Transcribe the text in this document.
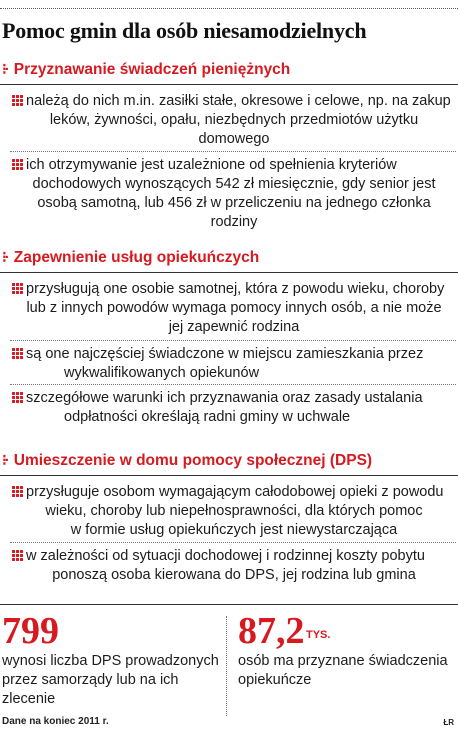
Pomoc gmin dla osób niesamodzielnych
⁝· Przyznawanie świadczeń pieniężnych
należą do nich m.in. zasiłki stałe, okresowe i celowe, np. na zakup
leków, żywności, opału, niezbędnych przedmiotów użytku
domowego
ich otrzymywanie jest uzależnione od spełnienia kryteriów
dochodowych wynoszących 542 zł miesięcznie, gdy senior jest
osobą samotną, lub 456 zł w przeliczeniu na jednego członka
rodziny
⁝· Zapewnienie usług opiekuńczych
przysługują one osobie samotnej, która z powodu wieku, choroby
lub z innych powodów wymaga pomocy innych osób, a nie może
jej zapewnić rodzina
są one najczęściej świadczone w miejscu zamieszkania przez
wykwalifikowanych opiekunów
szczegółowe warunki ich przyznawania oraz zasady ustalania
odpłatności określają radni gminy w uchwale
⁝· Umieszczenie w domu pomocy społecznej (DPS)
przysługuje osobom wymagającym całodobowej opieki z powodu
wieku, choroby lub niepełnosprawności, dla których pomoc
w formie usług opiekuńczych jest niewystarczająca
w zależności od sytuacji dochodowej i rodzinnej koszty pobytu
ponoszą osoba kierowana do DPS, jej rodzina lub gmina
799
wynosi liczba DPS prowadzonych
przez samorządy lub na ich
zlecenie
87,2 TYS.
osób ma przyznane świadczenia
opiekuńcze
Dane na koniec 2011 r.	ŁR
